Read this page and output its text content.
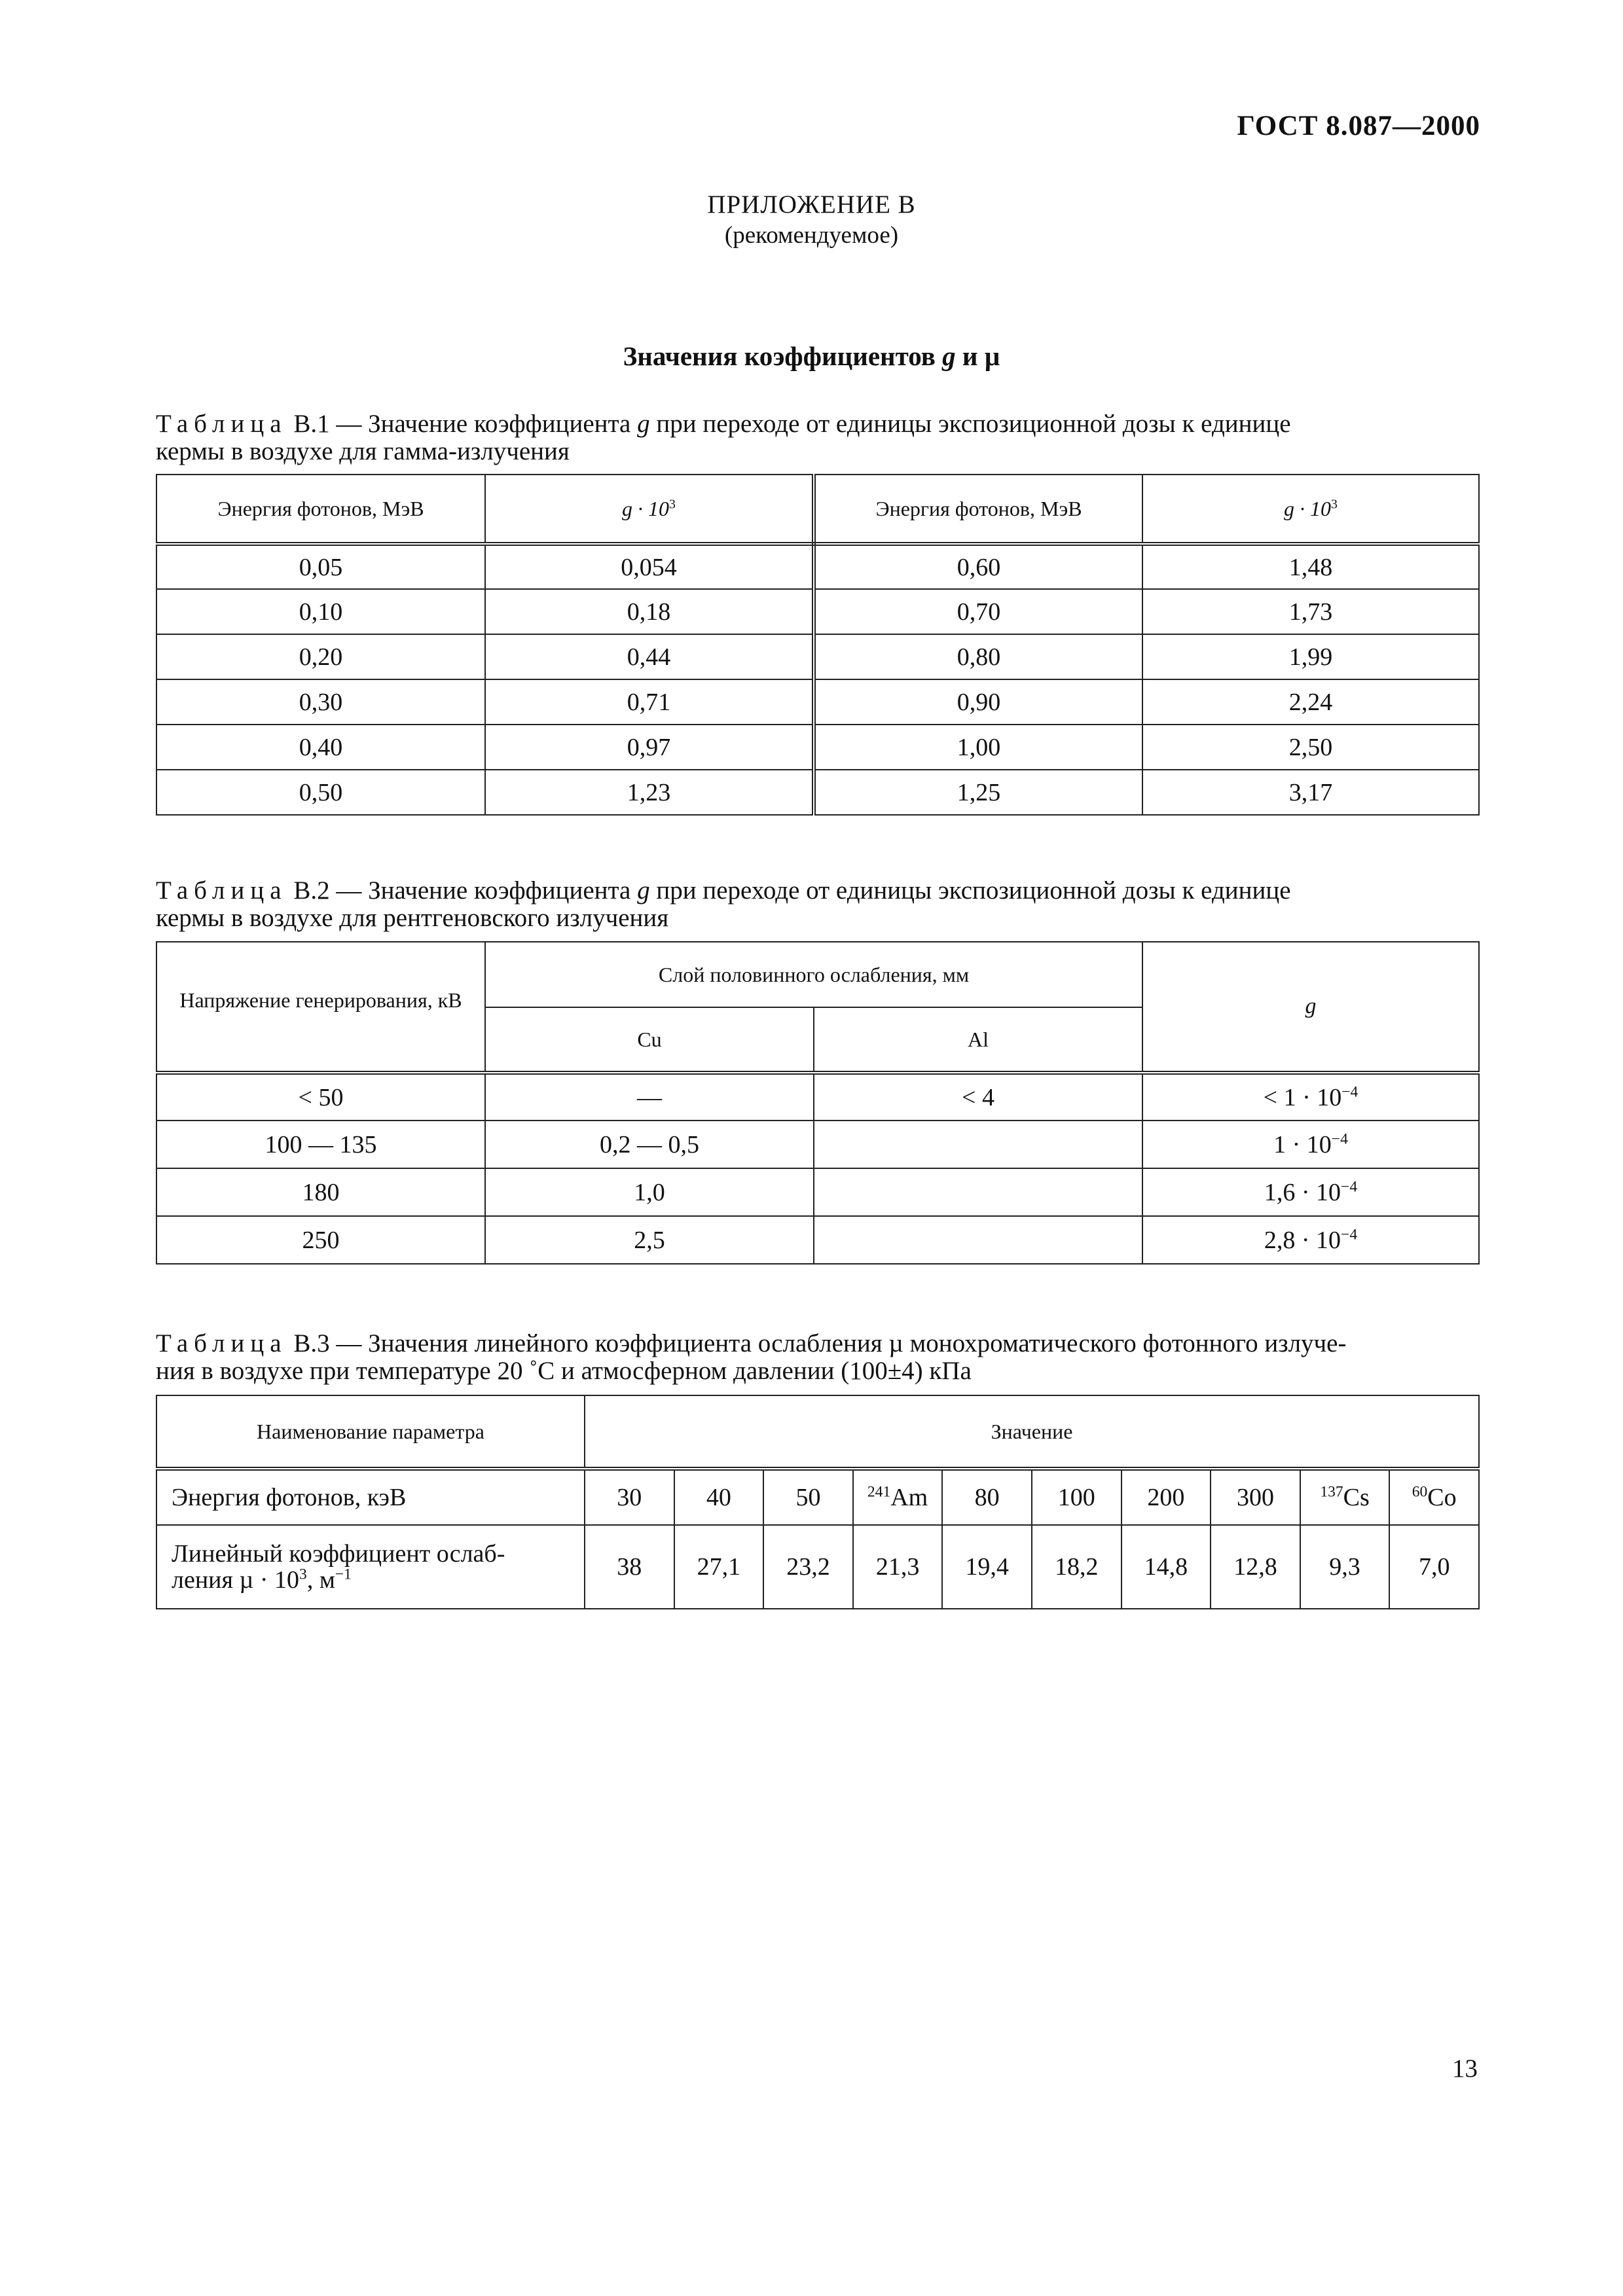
ГОСТ 8.087—2000
ПРИЛОЖЕНИЕ В
(рекомендуемое)
Значения коэффициентов g и µ
Таблица В.1 — Значение коэффициента g при переходе от единицы экспозиционной дозы к единице
кермы в воздухе для гамма-излучения
Энергия фотонов, МэВ	$g \cdot 10^3$	Энергия фотонов, МэВ	$g \cdot 10^3$
0,05	0,054	0,60	1,48
0,10	0,18	0,70	1,73
0,20	0,44	0,80	1,99
0,30	0,71	0,90	2,24
0,40	0,97	1,00	2,50
0,50	1,23	1,25	3,17
Таблица В.2 — Значение коэффициента g при переходе от единицы экспозиционной дозы к единице
кермы в воздухе для рентгеновского излучения
Напряжение генерирования, кВ	Слой половинного ослабления, мм		g
	Cu	Al	
< 50	—	< 4	< $1 \cdot 10^{-4}$
100 — 135	0,2 — 0,5		$1 \cdot 10^{-4}$
180	1,0		$1,6 \cdot 10^{-4}$
250	2,5		$2,8 \cdot 10^{-4}$
Таблица В.3 — Значения линейного коэффициента ослабления µ монохроматического фотонного излуче-
ния в воздухе при температуре 20 ˚С и атмосферном давлении (100±4) кПа
Наименование параметра	Значение									
Энергия фотонов, кэВ	30	40	50	$^{241}$Am	80	100	200	300	$^{137}$Cs	$^{60}$Co
Линейный коэффициент ослаб-
ления $\mu \cdot 10^3$, $м^{-1}$	38	27,1	23,2	21,3	19,4	18,2	14,8	12,8	9,3	7,0
13
